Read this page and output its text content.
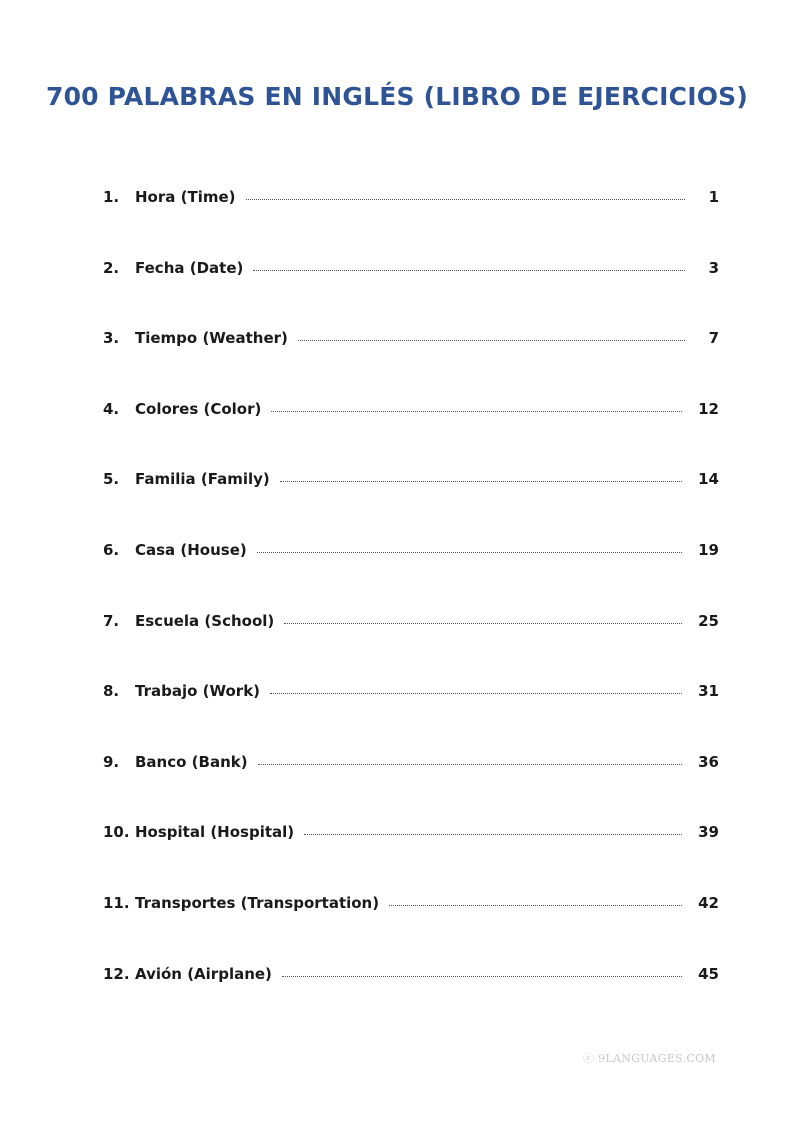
700 PALABRAS EN INGLÉS (LIBRO DE EJERCICIOS)
1.	Hora (Time)	1
2.	Fecha (Date)	3
3.	Tiempo (Weather)	7
4.	Colores (Color)	12
5.	Familia (Family)	14
6.	Casa (House)	19
7.	Escuela (School)	25
8.	Trabajo (Work)	31
9.	Banco (Bank)	36
10. Hospital (Hospital)	39
11. Transportes (Transportation)	42
12. Avión (Airplane)	45
ⓒ 9LANGUAGES.COM
